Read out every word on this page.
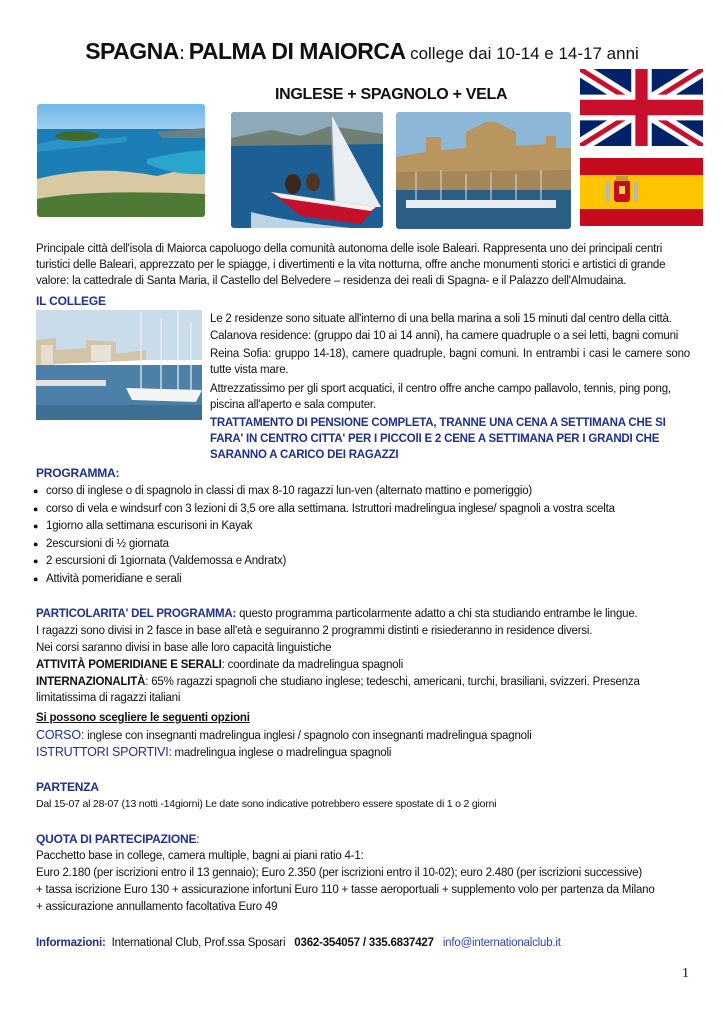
SPAGNA: PALMA DI MAIORCA college dai 10-14 e 14-17 anni
INGLESE + SPAGNOLO + VELA
Principale città dell'isola di Maiorca capoluogo della comunità autonoma delle isole Baleari. Rappresenta uno dei principali centri turistici delle Baleari, apprezzato per le spiagge, i divertimenti e la vita notturna, offre anche monumenti storici e artistici di grande valore: la cattedrale di Santa Maria, il Castello del Belvedere – residenza dei reali di Spagna- e il Palazzo dell'Almudaina.
IL COLLEGE
Le 2 residenze sono situate all'interno di una bella marina a soli 15 minuti dal centro della città.
Calanova residence: (gruppo dai 10 ai 14 anni), ha camere quadruple o a sei letti, bagni comuni
Reina Sofia: gruppo 14-18), camere quadruple, bagni comuni. In entrambi i casi le camere sono tutte vista mare.
Attrezzatissimo per gli sport acquatici, il centro offre anche campo pallavolo, tennis, ping pong, piscina all'aperto e sala computer.
TRATTAMENTO DI PENSIONE COMPLETA, TRANNE UNA CENA A SETTIMANA CHE SI FARA' IN CENTRO CITTA' PER I PICCOlI E 2 CENE A SETTIMANA PER I GRANDI CHE SARANNO A CARICO DEI RAGAZZI
PROGRAMMA:
● corso di inglese o di spagnolo in classi di max 8-10 ragazzi lun-ven (alternato mattino e pomeriggio)
● corso di vela e windsurf con 3 lezioni di 3,5 ore alla settimana. Istruttori madrelingua inglese/ spagnoli a vostra scelta
● 1giorno alla settimana escurisoni in Kayak
● 2escursioni di ½ giornata
● 2 escursioni di 1giornata (Valdemossa e Andratx)
● Attività pomeridiane e serali
PARTICOLARITA' DEL PROGRAMMA: questo programma particolarmente adatto a chi sta studiando entrambe le lingue.
I ragazzi sono divisi in 2 fasce in base all'età e seguiranno 2 programmi distinti e risiederanno in residence diversi.
Nei corsi saranno divisi in base alle loro capacità linguistiche
ATTIVITÀ POMERIDIANE E SERALI: coordinate da madrelingua spagnoli
INTERNAZIONALITÀ: 65% ragazzi spagnoli che studiano inglese; tedeschi, americani, turchi, brasiliani, svizzeri. Presenza limitatissima di ragazzi italiani
Si possono scegliere le seguenti opzioni
CORSO: inglese con insegnanti madrelingua inglesi / spagnolo con insegnanti madrelingua spagnoli
ISTRUTTORI SPORTIVI: madrelingua inglese o madrelingua spagnoli
PARTENZA
Dal 15-07 al 28-07 (13 notti -14giorni) Le date sono indicative potrebbero essere spostate di 1 o 2 giorni
QUOTA DI PARTECIPAZIONE:
Pacchetto base in college, camera multiple, bagni ai piani ratio 4-1:
Euro 2.180 (per iscrizioni entro il 13 gennaio); Euro 2.350 (per iscrizioni entro il 10-02); euro 2.480 (per iscrizioni successive)
+ tassa iscrizione Euro 130 + assicurazione infortuni Euro 110 + tasse aeroportuali + supplemento volo per partenza da Milano
+ assicurazione annullamento facoltativa Euro 49
Informazioni: International Club, Prof.ssa Sposari 0362-354057 / 335.6837427 info@internationalclub.it
1
